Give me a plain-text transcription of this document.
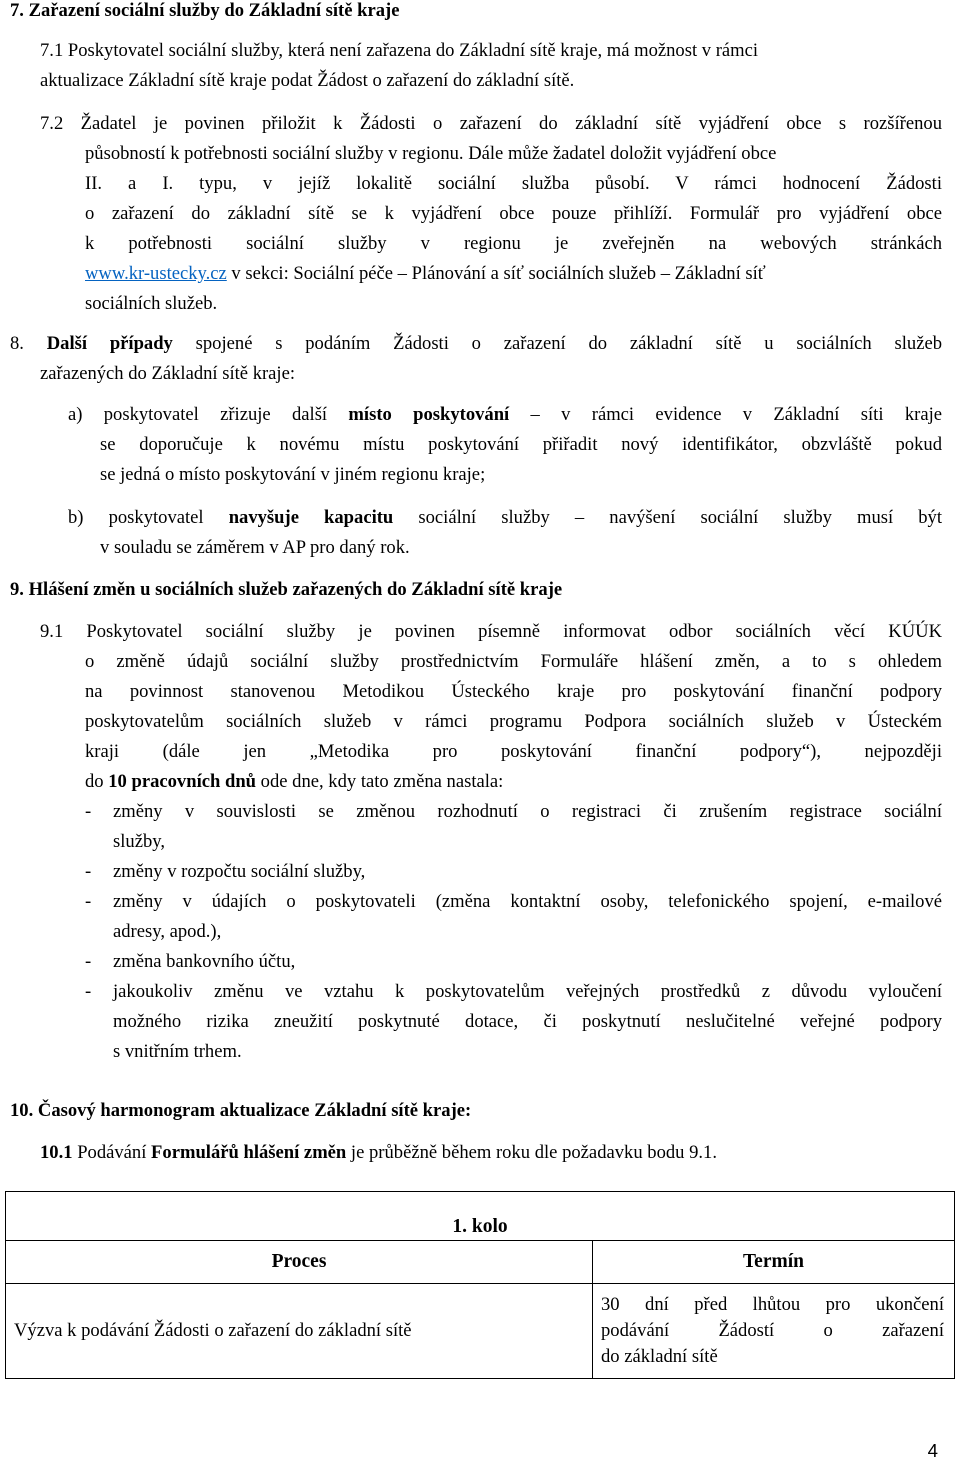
7. Zařazení sociální služby do Základní sítě kraje
7.1 Poskytovatel sociální služby, která není zařazena do Základní sítě kraje, má možnost v rámci
aktualizace Základní sítě kraje podat Žádost o zařazení do základní sítě.
7.2 Žadatel je povinen přiložit k Žádosti o zařazení do základní sítě vyjádření obce s rozšířenou
působností k potřebnosti sociální služby v regionu. Dále může žadatel doložit vyjádření obce
II. a I. typu, v jejíž lokalitě sociální služba působí. V rámci hodnocení Žádosti
o zařazení do základní sítě se k vyjádření obce pouze přihlíží. Formulář pro vyjádření obce
k potřebnosti sociální služby v regionu je zveřejněn na webových stránkách
www.kr-ustecky.cz v sekci: Sociální péče – Plánování a síť sociálních služeb – Základní síť
sociálních služeb.
8. Další případy spojené s podáním Žádosti o zařazení do základní sítě u sociálních služeb
zařazených do Základní sítě kraje:
a) poskytovatel zřizuje další místo poskytování – v rámci evidence v Základní síti kraje
se doporučuje k novému místu poskytování přiřadit nový identifikátor, obzvláště pokud
se jedná o místo poskytování v jiném regionu kraje;
b) poskytovatel navyšuje kapacitu sociální služby – navýšení sociální služby musí být
v souladu se záměrem v AP pro daný rok.
9. Hlášení změn u sociálních služeb zařazených do Základní sítě kraje
9.1 Poskytovatel sociální služby je povinen písemně informovat odbor sociálních věcí KÚÚK
o změně údajů sociální služby prostřednictvím Formuláře hlášení změn, a to s ohledem
na povinnost stanovenou Metodikou Ústeckého kraje pro poskytování finanční podpory
poskytovatelům sociálních služeb v rámci programu Podpora sociálních služeb v Ústeckém
kraji (dále jen „Metodika pro poskytování finanční podpory“), nejpozději
do 10 pracovních dnů ode dne, kdy tato změna nastala:
- změny v souvislosti se změnou rozhodnutí o registraci či zrušením registrace sociální
služby,
- změny v rozpočtu sociální služby,
- změny v údajích o poskytovateli (změna kontaktní osoby, telefonického spojení, e-mailové
adresy, apod.),
- změna bankovního účtu,
- jakoukoliv změnu ve vztahu k poskytovatelům veřejných prostředků z důvodu vyloučení
možného rizika zneužití poskytnuté dotace, či poskytnutí neslučitelné veřejné podpory
s vnitřním trhem.
10. Časový harmonogram aktualizace Základní sítě kraje:
10.1 Podávání Formulářů hlášení změn je průběžně během roku dle požadavku bodu 9.1.
1. kolo	
Proces	Termín
Výzva k podávání Žádosti o zařazení do základní sítě	30 dní před lhůtou pro ukončení
podávání Žádostí o zařazení
do základní sítě
4
